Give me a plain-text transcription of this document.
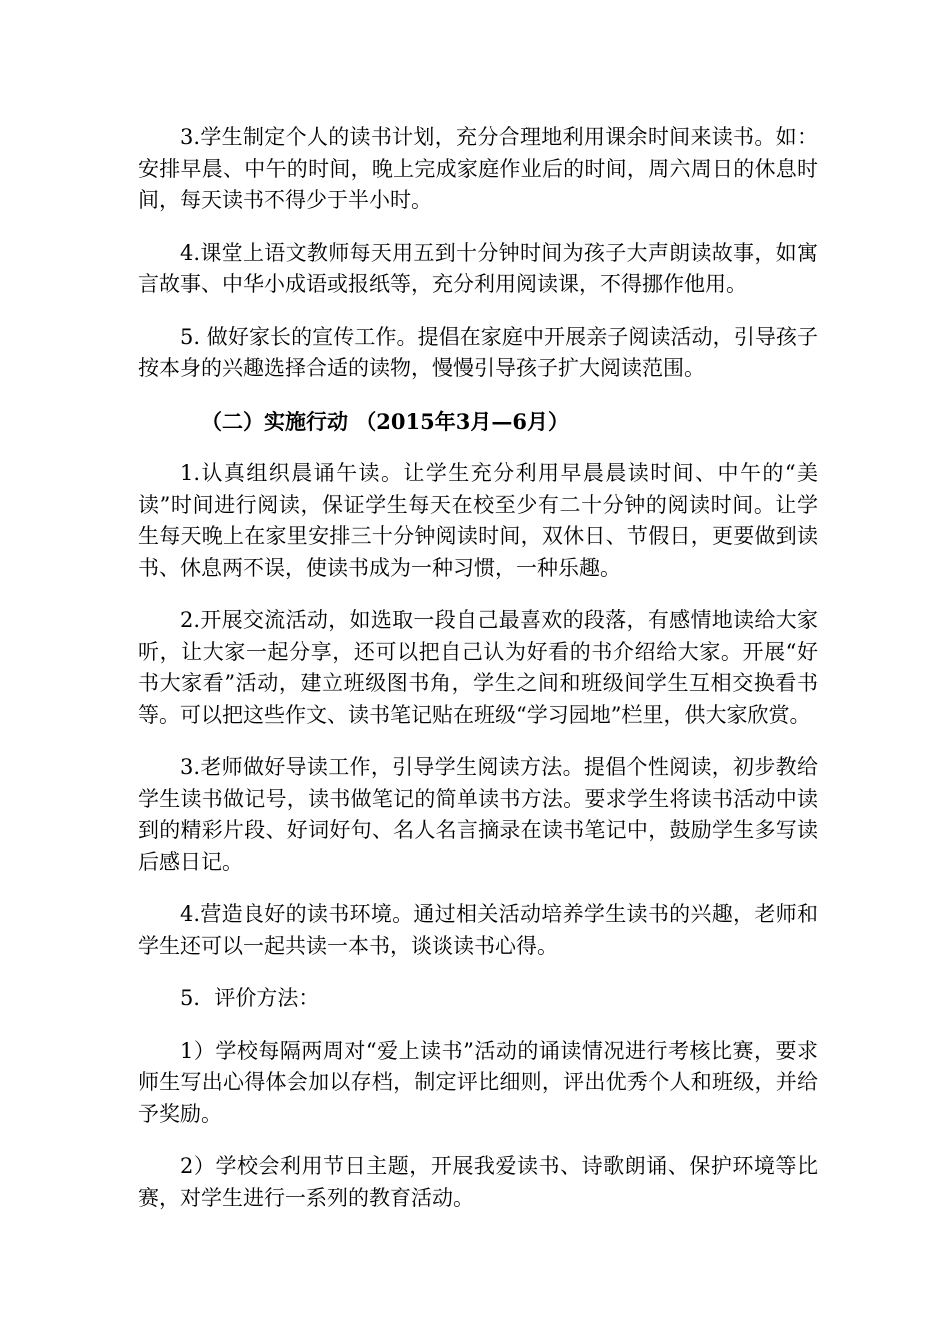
3.学生制定个人的读书计划，充分合理地利用课余时间来读书。如：安排早晨、中午的时间，晚上完成家庭作业后的时间，周六周日的休息时间，每天读书不得少于半小时。

4.课堂上语文教师每天用五到十分钟时间为孩子大声朗读故事，如寓言故事、中华小成语或报纸等，充分利用阅读课，不得挪作他用。

5. 做好家长的宣传工作。提倡在家庭中开展亲子阅读活动，引导孩子按本身的兴趣选择合适的读物，慢慢引导孩子扩大阅读范围。

（二）实施行动 （2015年3月—6月）

1.认真组织晨诵午读。让学生充分利用早晨晨读时间、中午的“美读”时间进行阅读，保证学生每天在校至少有二十分钟的阅读时间。让学生每天晚上在家里安排三十分钟阅读时间，双休日、节假日，更要做到读书、休息两不误，使读书成为一种习惯，一种乐趣。

2.开展交流活动，如选取一段自己最喜欢的段落，有感情地读给大家听，让大家一起分享，还可以把自己认为好看的书介绍给大家。开展“好书大家看”活动，建立班级图书角，学生之间和班级间学生互相交换看书等。可以把这些作文、读书笔记贴在班级“学习园地”栏里，供大家欣赏。

3.老师做好导读工作，引导学生阅读方法。提倡个性阅读，初步教给学生读书做记号，读书做笔记的简单读书方法。要求学生将读书活动中读到的精彩片段、好词好句、名人名言摘录在读书笔记中，鼓励学生多写读后感日记。

4.营造良好的读书环境。通过相关活动培养学生读书的兴趣，老师和学生还可以一起共读一本书，谈谈读书心得。

5．评价方法：

1）学校每隔两周对“爱上读书”活动的诵读情况进行考核比赛，要求师生写出心得体会加以存档，制定评比细则，评出优秀个人和班级，并给予奖励。

2）学校会利用节日主题，开展我爱读书、诗歌朗诵、保护环境等比赛，对学生进行一系列的教育活动。
